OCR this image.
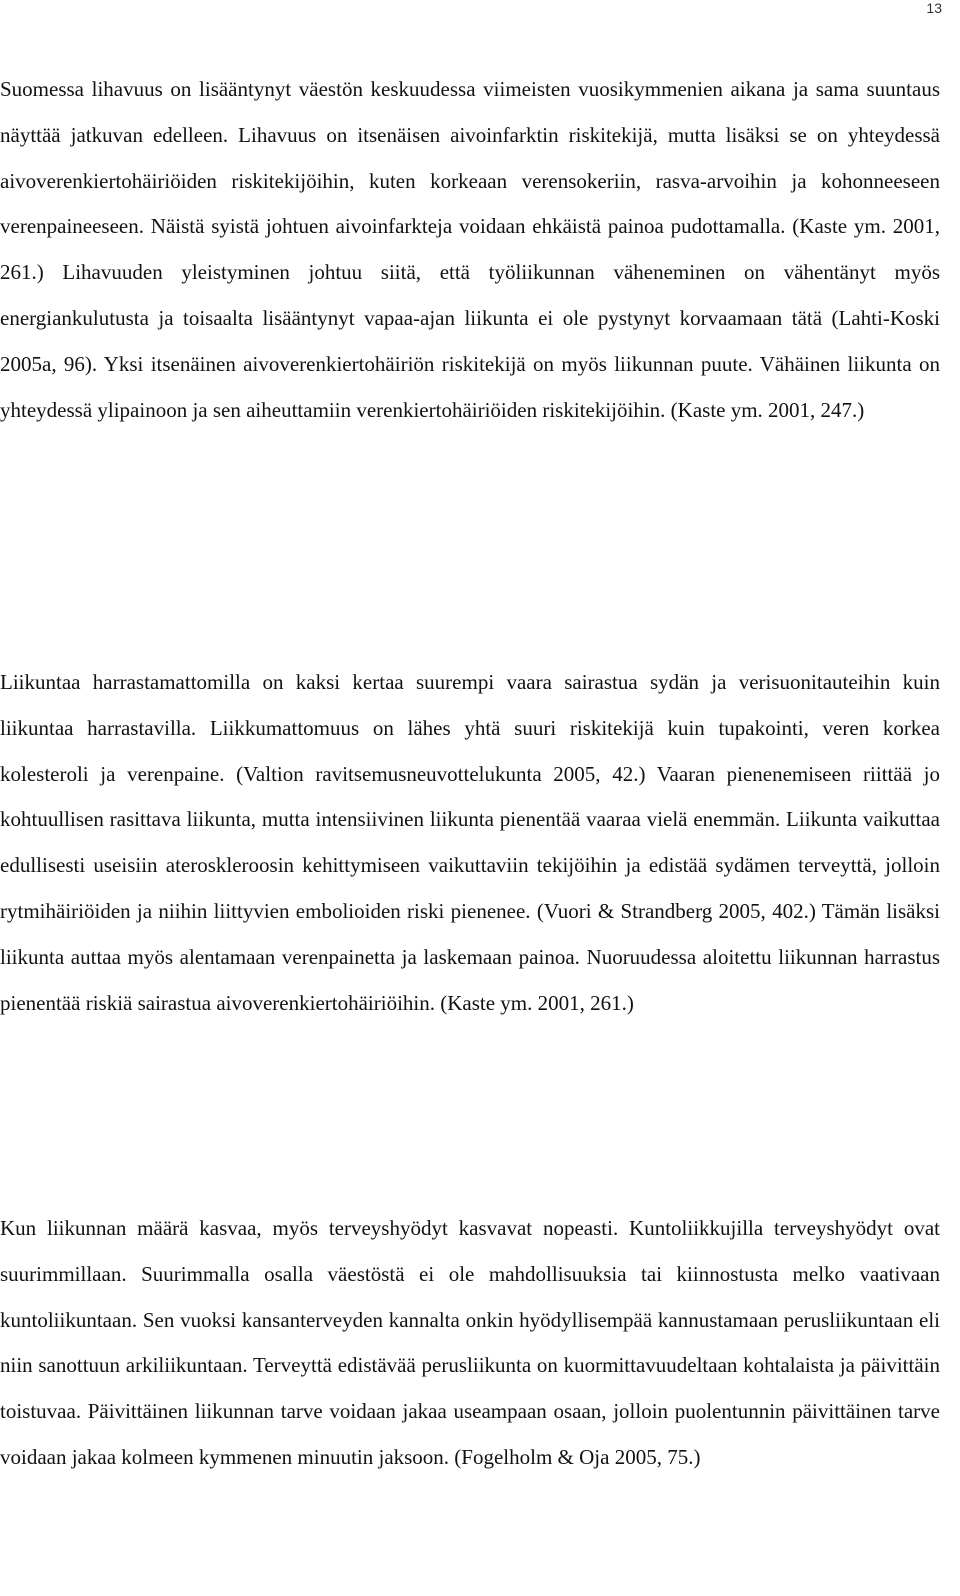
13

Suomessa lihavuus on lisääntynyt väestön keskuudessa viimeisten vuosikymmenien aikana ja sama suuntaus näyttää jatkuvan edelleen. Lihavuus on itsenäisen aivoinfarktin riskitekijä, mutta lisäksi se on yhteydessä aivoverenkiertohäiriöiden riskitekijöihin, kuten korkeaan verensokeriin, rasva-arvoihin ja kohonneeseen verenpaineeseen. Näistä syistä johtuen aivoinfarkteja voidaan ehkäistä painoa pudottamalla. (Kaste ym. 2001, 261.) Lihavuuden yleistyminen johtuu siitä, että työliikunnan väheneminen on vähentänyt myös energiankulutusta ja toisaalta lisääntynyt vapaa-ajan liikunta ei ole pystynyt korvaamaan tätä (Lahti-Koski 2005a, 96). Yksi itsenäinen aivoverenkiertohäiriön riskitekijä on myös liikunnan puute. Vähäinen liikunta on yhteydessä ylipainoon ja sen aiheuttamiin verenkiertohäiriöiden riskitekijöihin. (Kaste ym. 2001, 247.)

Liikuntaa harrastamattomilla on kaksi kertaa suurempi vaara sairastua sydän ja verisuonitauteihin kuin liikuntaa harrastavilla. Liikkumattomuus on lähes yhtä suuri riskitekijä kuin tupakointi, veren korkea kolesteroli ja verenpaine. (Valtion ravitsemusneuvottelukunta 2005, 42.) Vaaran pienenemiseen riittää jo kohtuullisen rasittava liikunta, mutta intensiivinen liikunta pienentää vaaraa vielä enemmän. Liikunta vaikuttaa edullisesti useisiin ateroskleroosin kehittymiseen vaikuttaviin tekijöihin ja edistää sydämen terveyttä, jolloin rytmihäiriöiden ja niihin liittyvien embolioiden riski pienenee. (Vuori & Strandberg 2005, 402.) Tämän lisäksi liikunta auttaa myös alentamaan verenpainetta ja laskemaan painoa. Nuoruudessa aloitettu liikunnan harrastus pienentää riskiä sairastua aivoverenkiertohäiriöihin. (Kaste ym. 2001, 261.)

Kun liikunnan määrä kasvaa, myös terveyshyödyt kasvavat nopeasti. Kuntoliikkujilla terveyshyödyt ovat suurimmillaan. Suurimmalla osalla väestöstä ei ole mahdollisuuksia tai kiinnostusta melko vaativaan kuntoliikuntaan. Sen vuoksi kansanterveyden kannalta onkin hyödyllisempää kannustamaan perusliikuntaan eli niin sanottuun arkiliikuntaan. Terveyttä edistävää perusliikunta on kuormittavuudeltaan kohtalaista ja päivittäin toistuvaa. Päivittäinen liikunnan tarve voidaan jakaa useampaan osaan, jolloin puolentunnin päivittäinen tarve voidaan jakaa kolmeen kymmenen minuutin jaksoon. (Fogelholm & Oja 2005, 75.)
